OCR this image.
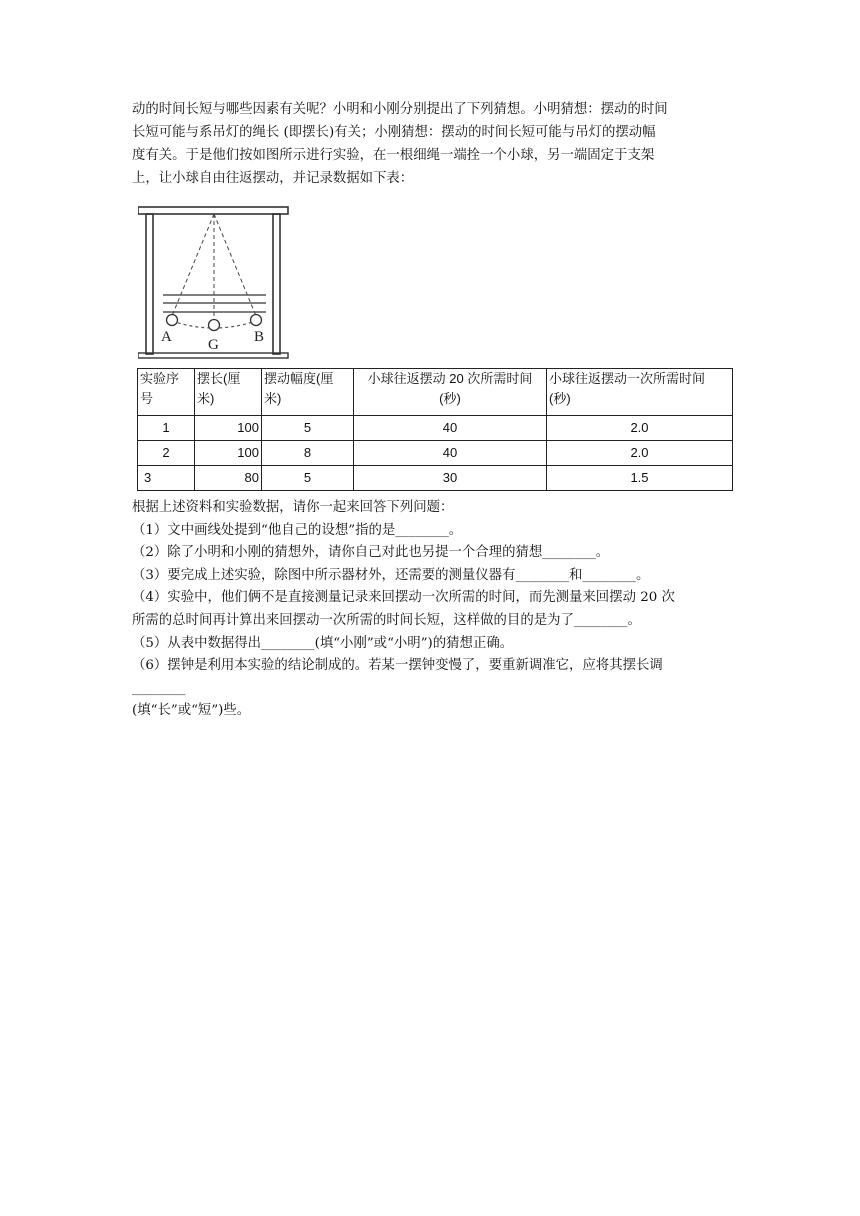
动的时间长短与哪些因素有关呢？小明和小刚分别提出了下列猜想。小明猜想：摆动的时间
长短可能与系吊灯的绳长 (即摆长)有关；小刚猜想：摆动的时间长短可能与吊灯的摆动幅
度有关。于是他们按如图所示进行实验，在一根细绳一端拴一个小球，另一端固定于支架
上，让小球自由往返摆动，并记录数据如下表：

A G B
实验序
号	摆长(厘
米)	摆动幅度(厘
米)	小球往返摆动 20 次所需时间
(秒)	小球往返摆动一次所需时间
(秒)
1	100	5	40	2.0
2	100	8	40	2.0
3	80	5	30	1.5
根据上述资料和实验数据，请你一起来回答下列问题：
（1）文中画线处提到“他自己的设想”指的是________。
（2）除了小明和小刚的猜想外，请你自己对此也另提一个合理的猜想________。
（3）要完成上述实验，除图中所示器材外，还需要的测量仪器有________和________。
（4）实验中，他们俩不是直接测量记录来回摆动一次所需的时间，而先测量来回摆动 20 次
所需的总时间再计算出来回摆动一次所需的时间长短，这样做的目的是为了________。
（5）从表中数据得出________(填“小刚”或“小明”)的猜想正确。
（6）摆钟是利用本实验的结论制成的。若某一摆钟变慢了，要重新调准它，应将其摆长调
________
(填“长”或“短”)些。
